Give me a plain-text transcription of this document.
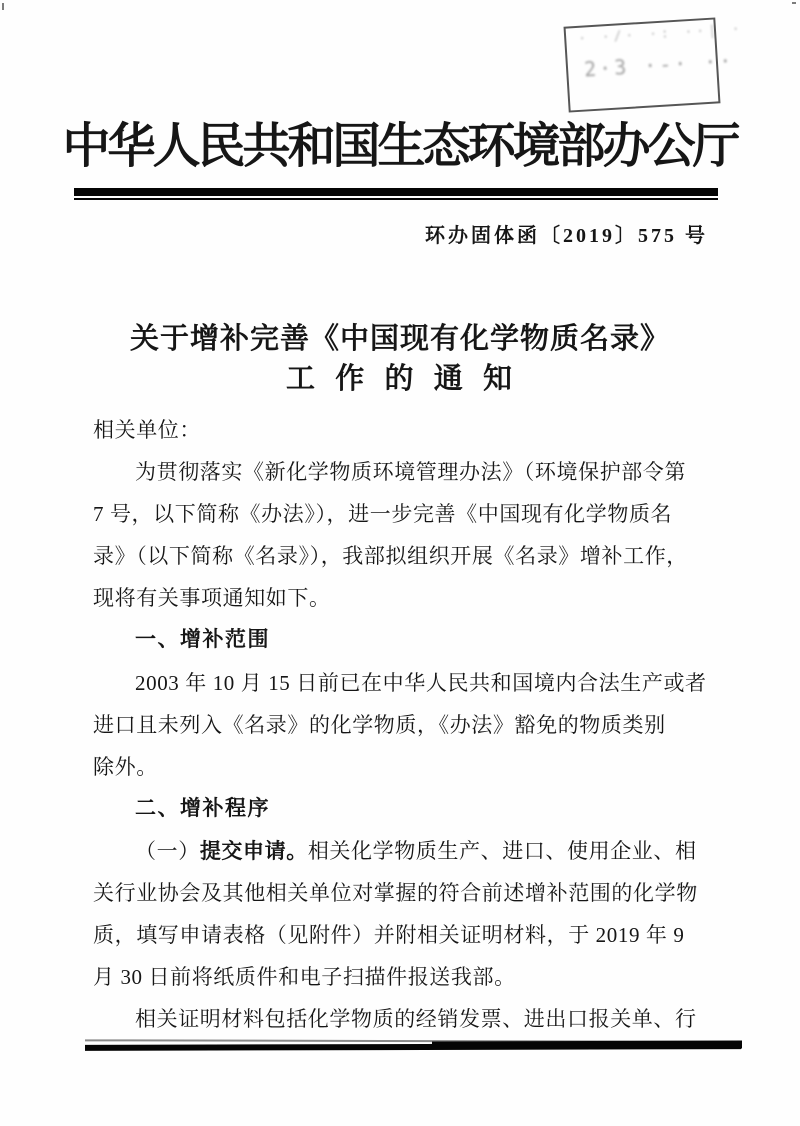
· ·/· ·: ··| ·
2·3 ·-· ··
中华人民共和国生态环境部办公厅
环办固体函〔2019〕575 号
关于增补完善《中国现有化学物质名录》
工 作 的 通 知
相关单位：
为贯彻落实《新化学物质环境管理办法》（环境保护部令第
7 号，以下简称《办法》），进一步完善《中国现有化学物质名
录》（以下简称《名录》），我部拟组织开展《名录》增补工作，
现将有关事项通知如下。
一、增补范围
2003 年 10 月 15 日前已在中华人民共和国境内合法生产或者
进口且未列入《名录》的化学物质，《办法》豁免的物质类别
除外。
二、增补程序
（一）提交申请。相关化学物质生产、进口、使用企业、相
关行业协会及其他相关单位对掌握的符合前述增补范围的化学物
质，填写申请表格（见附件）并附相关证明材料，于 2019 年 9
月 30 日前将纸质件和电子扫描件报送我部。
相关证明材料包括化学物质的经销发票、进出口报关单、行
